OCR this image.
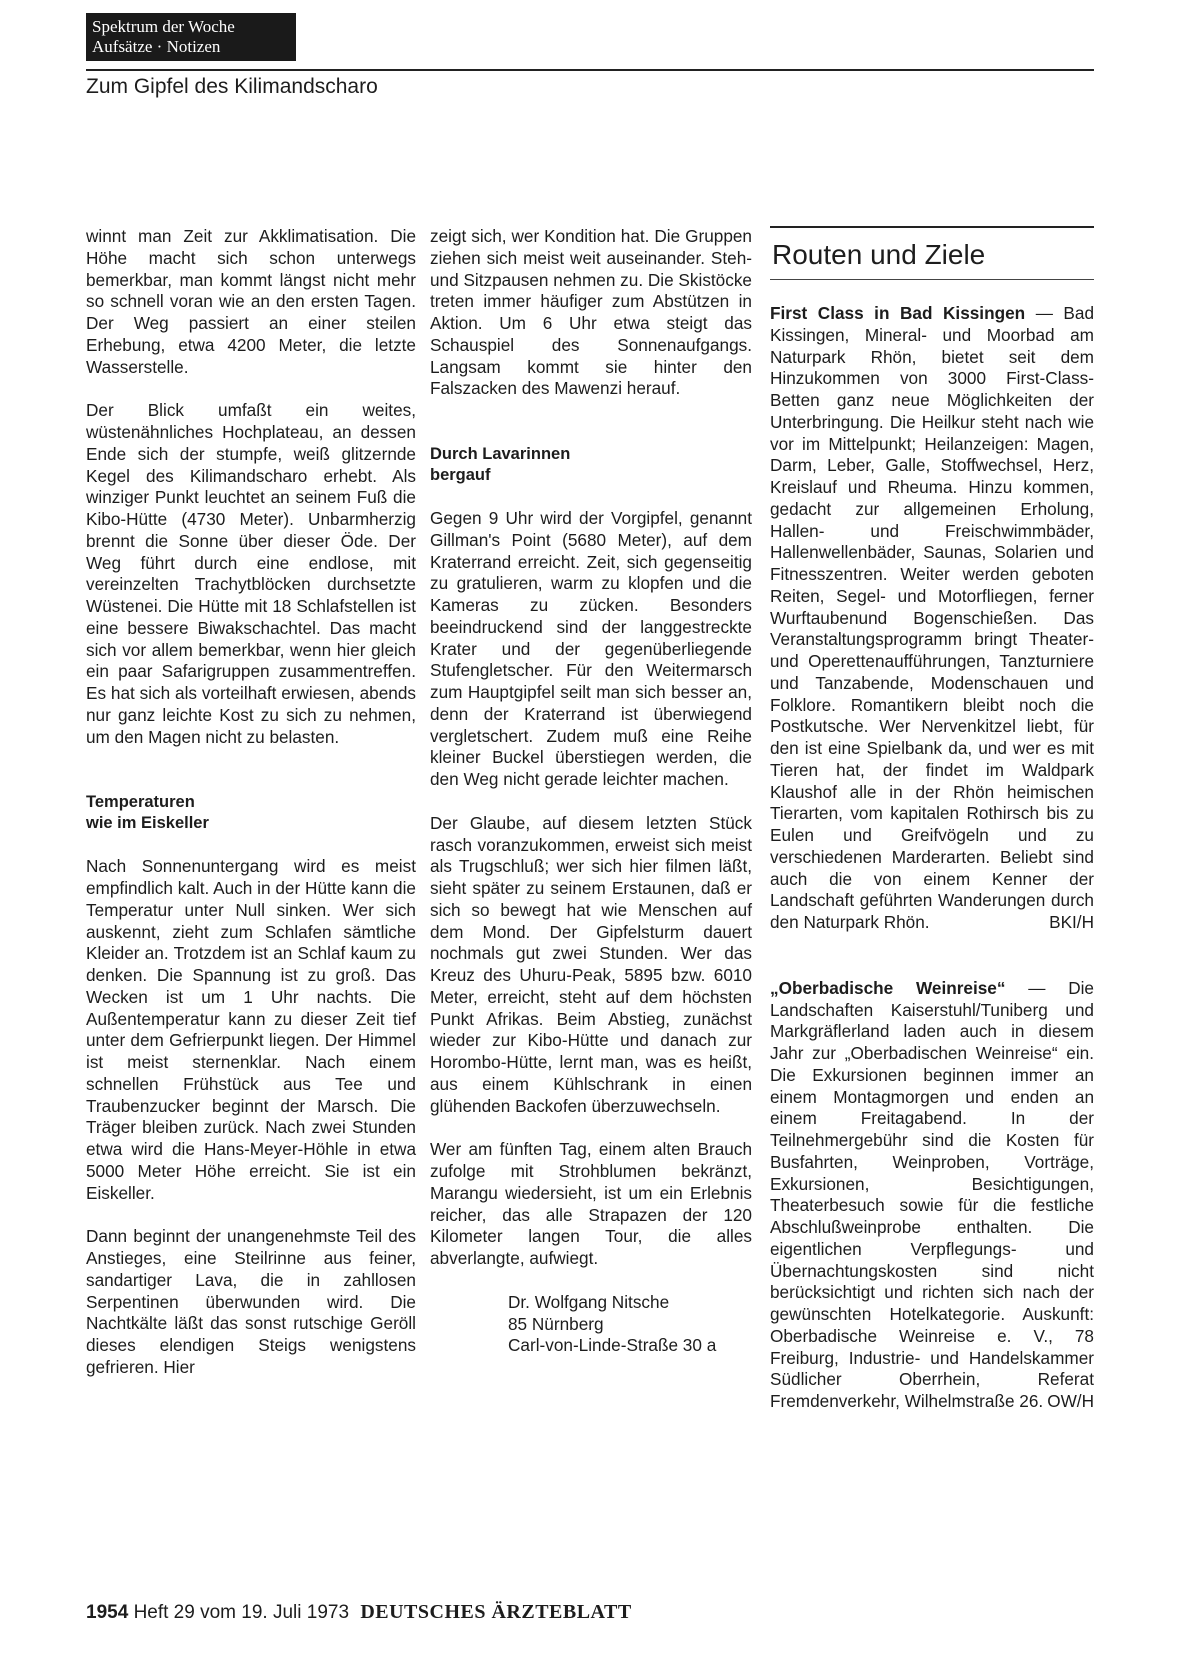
Spektrum der Woche
Aufsätze · Notizen
Zum Gipfel des Kilimandscharo

winnt man Zeit zur Akklimatisation. Die Höhe macht sich schon unterwegs bemerkbar, man kommt längst nicht mehr so schnell voran wie an den ersten Tagen. Der Weg passiert an einer steilen Erhebung, etwa 4200 Meter, die letzte Wasserstelle.

Der Blick umfaßt ein weites, wüstenähnliches Hochplateau, an dessen Ende sich der stumpfe, weiß glitzernde Kegel des Kilimandscharo erhebt. Als winziger Punkt leuchtet an seinem Fuß die Kibo-Hütte (4730 Meter). Unbarmherzig brennt die Sonne über dieser Öde. Der Weg führt durch eine endlose, mit vereinzelten Trachytblöcken durchsetzte Wüstenei. Die Hütte mit 18 Schlafstellen ist eine bessere Biwakschachtel. Das macht sich vor allem bemerkbar, wenn hier gleich ein paar Safarigruppen zusammentreffen. Es hat sich als vorteilhaft erwiesen, abends nur ganz leichte Kost zu sich zu nehmen, um den Magen nicht zu belasten.

Temperaturen
wie im Eiskeller

Nach Sonnenuntergang wird es meist empfindlich kalt. Auch in der Hütte kann die Temperatur unter Null sinken. Wer sich auskennt, zieht zum Schlafen sämtliche Kleider an. Trotzdem ist an Schlaf kaum zu denken. Die Spannung ist zu groß. Das Wecken ist um 1 Uhr nachts. Die Außentemperatur kann zu dieser Zeit tief unter dem Gefrierpunkt liegen. Der Himmel ist meist sternenklar. Nach einem schnellen Frühstück aus Tee und Traubenzucker beginnt der Marsch. Die Träger bleiben zurück. Nach zwei Stunden etwa wird die Hans-Meyer-Höhle in etwa 5000 Meter Höhe erreicht. Sie ist ein Eiskeller.

Dann beginnt der unangenehmste Teil des Anstieges, eine Steilrinne aus feiner, sandartiger Lava, die in zahllosen Serpentinen überwunden wird. Die Nachtkälte läßt das sonst rutschige Geröll dieses elendigen Steigs wenigstens gefrieren. Hier

zeigt sich, wer Kondition hat. Die Gruppen ziehen sich meist weit auseinander. Steh- und Sitzpausen nehmen zu. Die Skistöcke treten immer häufiger zum Abstützen in Aktion. Um 6 Uhr etwa steigt das Schauspiel des Sonnenaufgangs. Langsam kommt sie hinter den Falszacken des Mawenzi herauf.

Durch Lavarinnen
bergauf

Gegen 9 Uhr wird der Vorgipfel, genannt Gillman's Point (5680 Meter), auf dem Kraterrand erreicht. Zeit, sich gegenseitig zu gratulieren, warm zu klopfen und die Kameras zu zücken. Besonders beeindruckend sind der langgestreckte Krater und der gegenüberliegende Stufengletscher. Für den Weitermarsch zum Hauptgipfel seilt man sich besser an, denn der Kraterrand ist überwiegend vergletschert. Zudem muß eine Reihe kleiner Buckel überstiegen werden, die den Weg nicht gerade leichter machen.

Der Glaube, auf diesem letzten Stück rasch voranzukommen, erweist sich meist als Trugschluß; wer sich hier filmen läßt, sieht später zu seinem Erstaunen, daß er sich so bewegt hat wie Menschen auf dem Mond. Der Gipfelsturm dauert nochmals gut zwei Stunden. Wer das Kreuz des Uhuru-Peak, 5895 bzw. 6010 Meter, erreicht, steht auf dem höchsten Punkt Afrikas. Beim Abstieg, zunächst wieder zur Kibo-Hütte und danach zur Horombo-Hütte, lernt man, was es heißt, aus einem Kühlschrank in einen glühenden Backofen überzuwechseln.

Wer am fünften Tag, einem alten Brauch zufolge mit Strohblumen bekränzt, Marangu wiedersieht, ist um ein Erlebnis reicher, das alle Strapazen der 120 Kilometer langen Tour, die alles abverlangte, aufwiegt.

Dr. Wolfgang Nitsche
85 Nürnberg
Carl-von-Linde-Straße 30 a
Routen und Ziele

First Class in Bad Kissingen — Bad Kissingen, Mineral- und Moorbad am Naturpark Rhön, bietet seit dem Hinzukommen von 3000 First-Class-Betten ganz neue Möglichkeiten der Unterbringung. Die Heilkur steht nach wie vor im Mittelpunkt; Heilanzeigen: Magen, Darm, Leber, Galle, Stoffwechsel, Herz, Kreislauf und Rheuma. Hinzu kommen, gedacht zur allgemeinen Erholung, Hallen- und Freischwimmbäder, Hallenwellenbäder, Saunas, Solarien und Fitnesszentren. Weiter werden geboten Reiten, Segel- und Motorfliegen, ferner Wurftaubenund Bogenschießen. Das Veranstaltungsprogramm bringt Theater- und Operettenaufführungen, Tanzturniere und Tanzabende, Modenschauen und Folklore. Romantikern bleibt noch die Postkutsche. Wer Nervenkitzel liebt, für den ist eine Spielbank da, und wer es mit Tieren hat, der findet im Waldpark Klaushof alle in der Rhön heimischen Tierarten, vom kapitalen Rothirsch bis zu Eulen und Greifvögeln und zu verschiedenen Marderarten. Beliebt sind auch die von einem Kenner der Landschaft geführten Wanderungen durch den Naturpark Rhön.	BKI/H

„Oberbadische Weinreise“ — Die Landschaften Kaiserstuhl/Tuniberg und Markgräflerland laden auch in diesem Jahr zur „Oberbadischen Weinreise“ ein. Die Exkursionen beginnen immer an einem Montagmorgen und enden an einem Freitagabend. In der Teilnehmergebühr sind die Kosten für Busfahrten, Weinproben, Vorträge, Exkursionen, Besichtigungen, Theaterbesuch sowie für die festliche Abschlußweinprobe enthalten. Die eigentlichen Verpflegungs- und Übernachtungskosten sind nicht berücksichtigt und richten sich nach der gewünschten Hotelkategorie. Auskunft: Oberbadische Weinreise e. V., 78 Freiburg, Industrie- und Handelskammer Südlicher Oberrhein, Referat Fremdenverkehr, Wilhelmstraße 26. OW/H

1954 Heft 29 vom 19. Juli 1973 DEUTSCHES ÄRZTEBLATT
